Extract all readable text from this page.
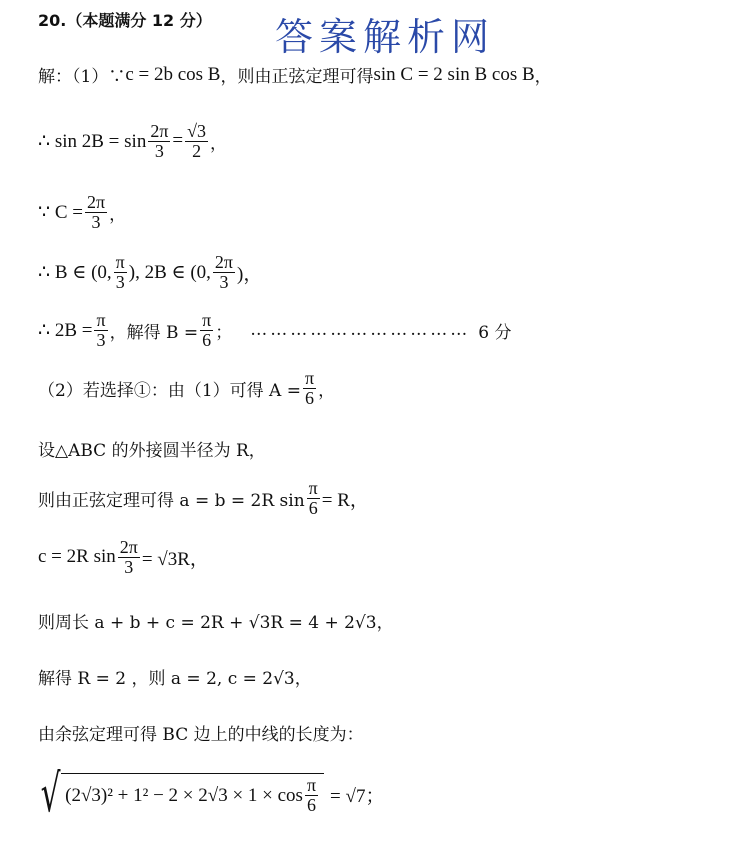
20.（本题满分 12 分） 答案解析网
解：（1）∵ c = 2b cos B ，则由正弦定理可得 sin C = 2 sin B cos B ，
∴ $\sin 2B = \sin \frac{2\pi}{3} = \frac{√3}{2}$ ，
∵ $C = \frac{2\pi}{3}$ ，
∴ B ∈ (0, $\frac{\pi}{3}$ ), 2B ∈ (0, $\frac{2\pi}{3}$ )，
∴ $2B = \frac{\pi}{3}$ ，解得 $B = \frac{\pi}{6}$ ； …………………………… 6 分
（2）若选择①：由（1）可得 $A = \frac{\pi}{6}$ ，
设△ABC 的外接圆半径为 R，
则由正弦定理可得 a = b = 2R $\sin \frac{\pi}{6} = R$，
c = 2R $\sin \frac{2\pi}{3} = √3R$，
则周长 a + b + c = 2R + √3R = 4 + 2√3，
解得 R = 2 ，则 a = 2, c = 2√3，
由余弦定理可得 BC 边上的中线的长度为：
√ $(2√3)^2 + 1^2 - 2 \times 2√3 \times 1 \times \cos \frac{\pi}{6} = √7$；
